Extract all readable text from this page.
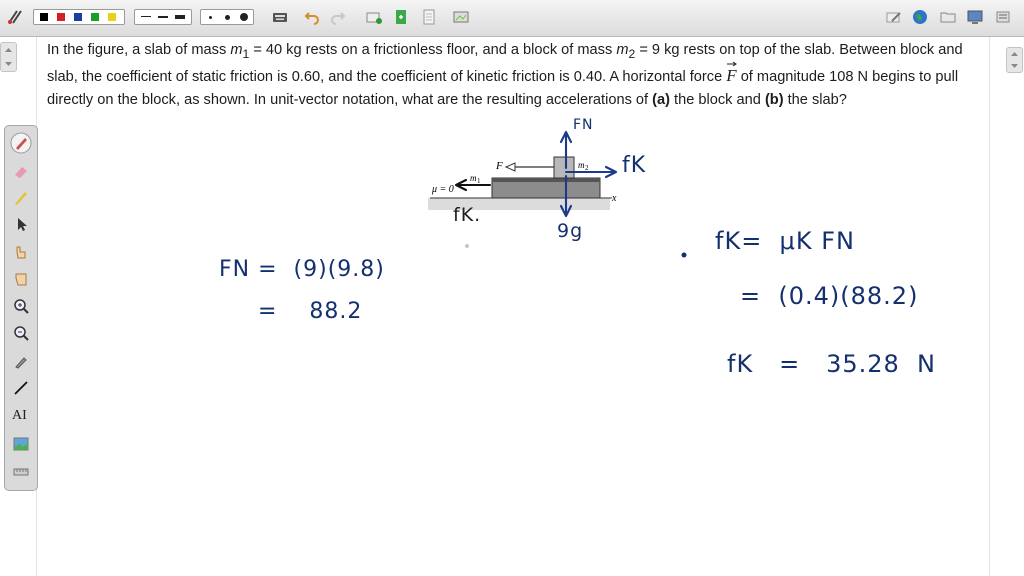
In the figure, a slab of mass $m_1 = 40$ kg rests on a frictionless floor, and a block of mass $m_2 = 9$ kg rests on top of the slab. Between block and slab, the coefficient of static friction is 0.60, and the coefficient of kinetic friction is 0.40. A horizontal force F
of magnitude 108 N begins to pull directly on the block, as shown. In unit-vector notation, what are the resulting accelerations of (a) the block and (b) the slab?

μ = 0
m 1
m 2
F
x
FN
fK
fK.
9g
FN =  (9)(9.8)
=    88.2
fK=  μK FN
=  (0.4)(88.2)
fK   =   35.28  N
AI
